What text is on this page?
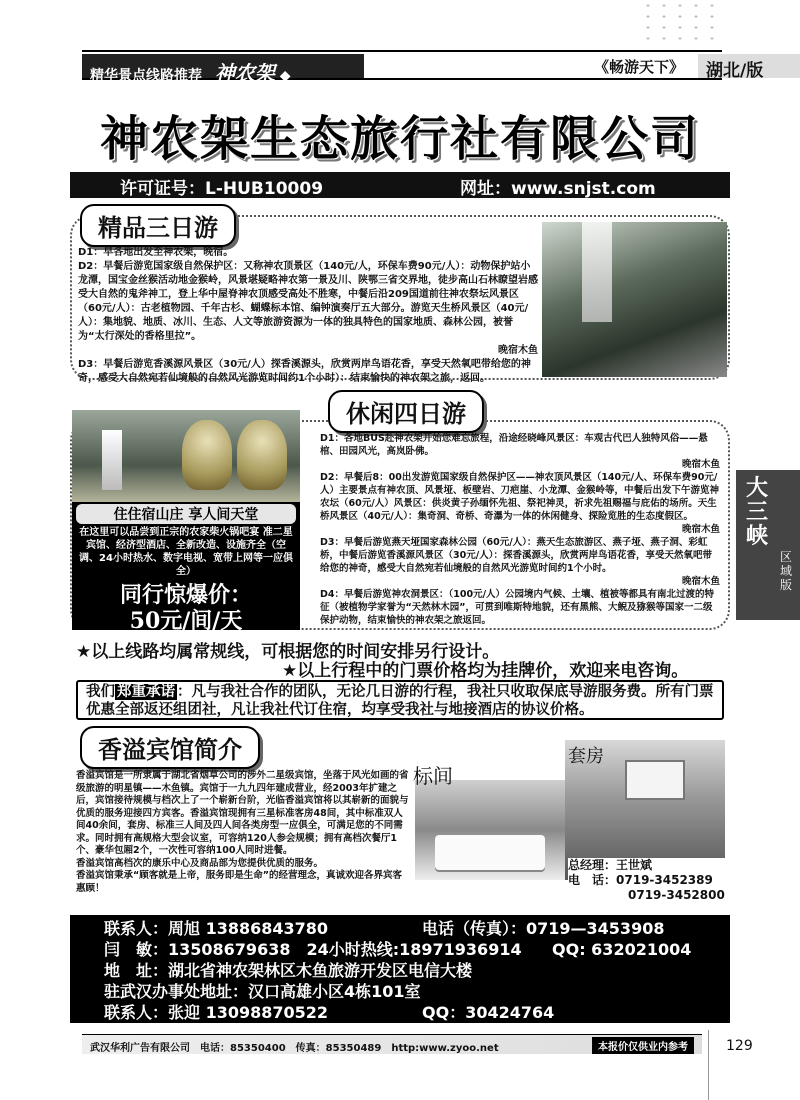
精华景点线路推荐 神农架 ◆	《畅游天下》	湖北/版
神农架生态旅行社有限公司
许可证号：L-HUB10009	网址：www.snjst.com
精品三日游
D1：早各地出发至神农架，晚宿。
D2：早餐后游览国家级自然保护区：又称神农顶景区（140元/人，环保车费90元/人）：动物保护站小龙潭，国宝金丝猴活动地金猴岭，风景堪疑略神农第一景及川、陕鄂三省交界地，徒步高山石林瞭望岩感受大自然的鬼斧神工，登上华中屋脊神农顶感受高处不胜寒，中餐后沿209国道前往神农祭坛风景区（60元/人）：古老植物园、千年古杉、蝴蝶标本馆、编钟演奏厅五大部分。游览天生桥风景区（40元/人）：集地貌、地质、冰川、生态、人文等旅游资源为一体的独具特色的国家地质、森林公园，被誉为“太行深处的香格里拉”。
晚宿木鱼
D3：早餐后游览香溪源风景区（30元/人）探香溪源头，欣赏两岸鸟语花香，享受天然氧吧带给您的神奇，感受大自然宛若仙境般的自然风光游览时间约1个小时）：结束愉快的神农架之旅，返回。
住住宿山庄 享人间天堂
在这里可以品尝到正宗的农家柴火锅吧宴 准二星宾馆、经济型酒店、全新改造、设施齐全（空调、24小时热水、数字电视、宽带上网等一应俱全）
同行惊爆价：
50元/间/天
休闲四日游
D1：各地BUS赴神农架开始您难忘旅程，沿途经晓峰风景区：车观古代巴人独特风俗——悬棺、田园风光，高岚卧佛。
晚宿木鱼
D2：早餐后8：00出发游览国家级自然保护区——神农顶风景区（140元/人、环保车费90元/人）主要景点有神农顶、风景垭、板壁岩、刀疤崖、小龙潭、金猴岭等，中餐后出发下午游览神农坛（60元/人）风景区：供炎黄子孙缅怀先祖、祭祀神灵，祈求先祖赐福与庇佑的场所。天生桥风景区（40元/人）：集奇洞、奇桥、奇瀑为一体的休闲健身、探险览胜的生态度假区。
晚宿木鱼
D3：早餐后游览燕天垭国家森林公园（60元/人）：燕天生态旅游区、燕子垭、燕子洞、彩虹桥，中餐后游览香溪源风景区（30元/人）：探香溪源头，欣赏两岸鸟语花香，享受天然氧吧带给您的神奇，感受大自然宛若仙境般的自然风光游览时间约1个小时。
晚宿木鱼
D4：早餐后游览神农洞景区：（100元/人）公园境内气候、土壤、植被等都具有南北过渡的特征（被植物学家誉为“天然林木园”，可贯到唯斯特地貌，还有黑熊、大鲵及猕猴等国家一二级保护动物，结束愉快的神农架之旅返回。
★以上线路均属常规线，可根据您的时间安排另行设计。
★以上行程中的门票价格均为挂牌价，欢迎来电咨询。
我们 郑重承诺 ：凡与我社合作的团队，无论几日游的行程，我社只收取保底导游服务费。所有门票优惠全部返还组团社，凡让我社代订住宿，均享受我社与地接酒店的协议价格。
香溢宾馆简介
标间
套房
香溢宾馆是一所隶属于湖北省烟草公司的涉外二星级宾馆，坐落于风光如画的省级旅游的明星镇——木鱼镇。宾馆于一九九四年建成营业，经2003年扩建之后，宾馆接待规模与档次上了一个崭新台阶，光临香溢宾馆将以其崭新的面貌与优质的服务迎接四方宾客。香溢宾馆现拥有三星标准客房48间，其中标准双人间40余间，套房、标准三人间及四人间各类房型一应俱全，可满足您的不同需求。同时拥有高规格大型会议室，可容纳120人参会规模；拥有高档次餐厅1个、豪华包厢2个，一次性可容纳100人同时进餐。
香溢宾馆高档次的康乐中心及商品部为您提供优质的服务。
香溢宾馆秉承“顾客就是上帝，服务即是生命”的经营理念，真诚欢迎各界宾客惠顾！
总经理：王世斌
电　话：0719-3452389
0719-3452800
联系人：周旭 13886843780	电话（传真）：0719—3453908
闫　敏：13508679638　24小时热线:18971936914 QQ: 632021004
地　址：湖北省神农架林区木鱼旅游开发区电信大楼
驻武汉办事处地址：汉口高雄小区4栋101室
联系人：张迎 13098870522	QQ：30424764
大三峡
区域版
武汉华利广告有限公司　电话：85350400　传真：85350489　http:www.zyoo.net	本报价仅供业内参考	129
